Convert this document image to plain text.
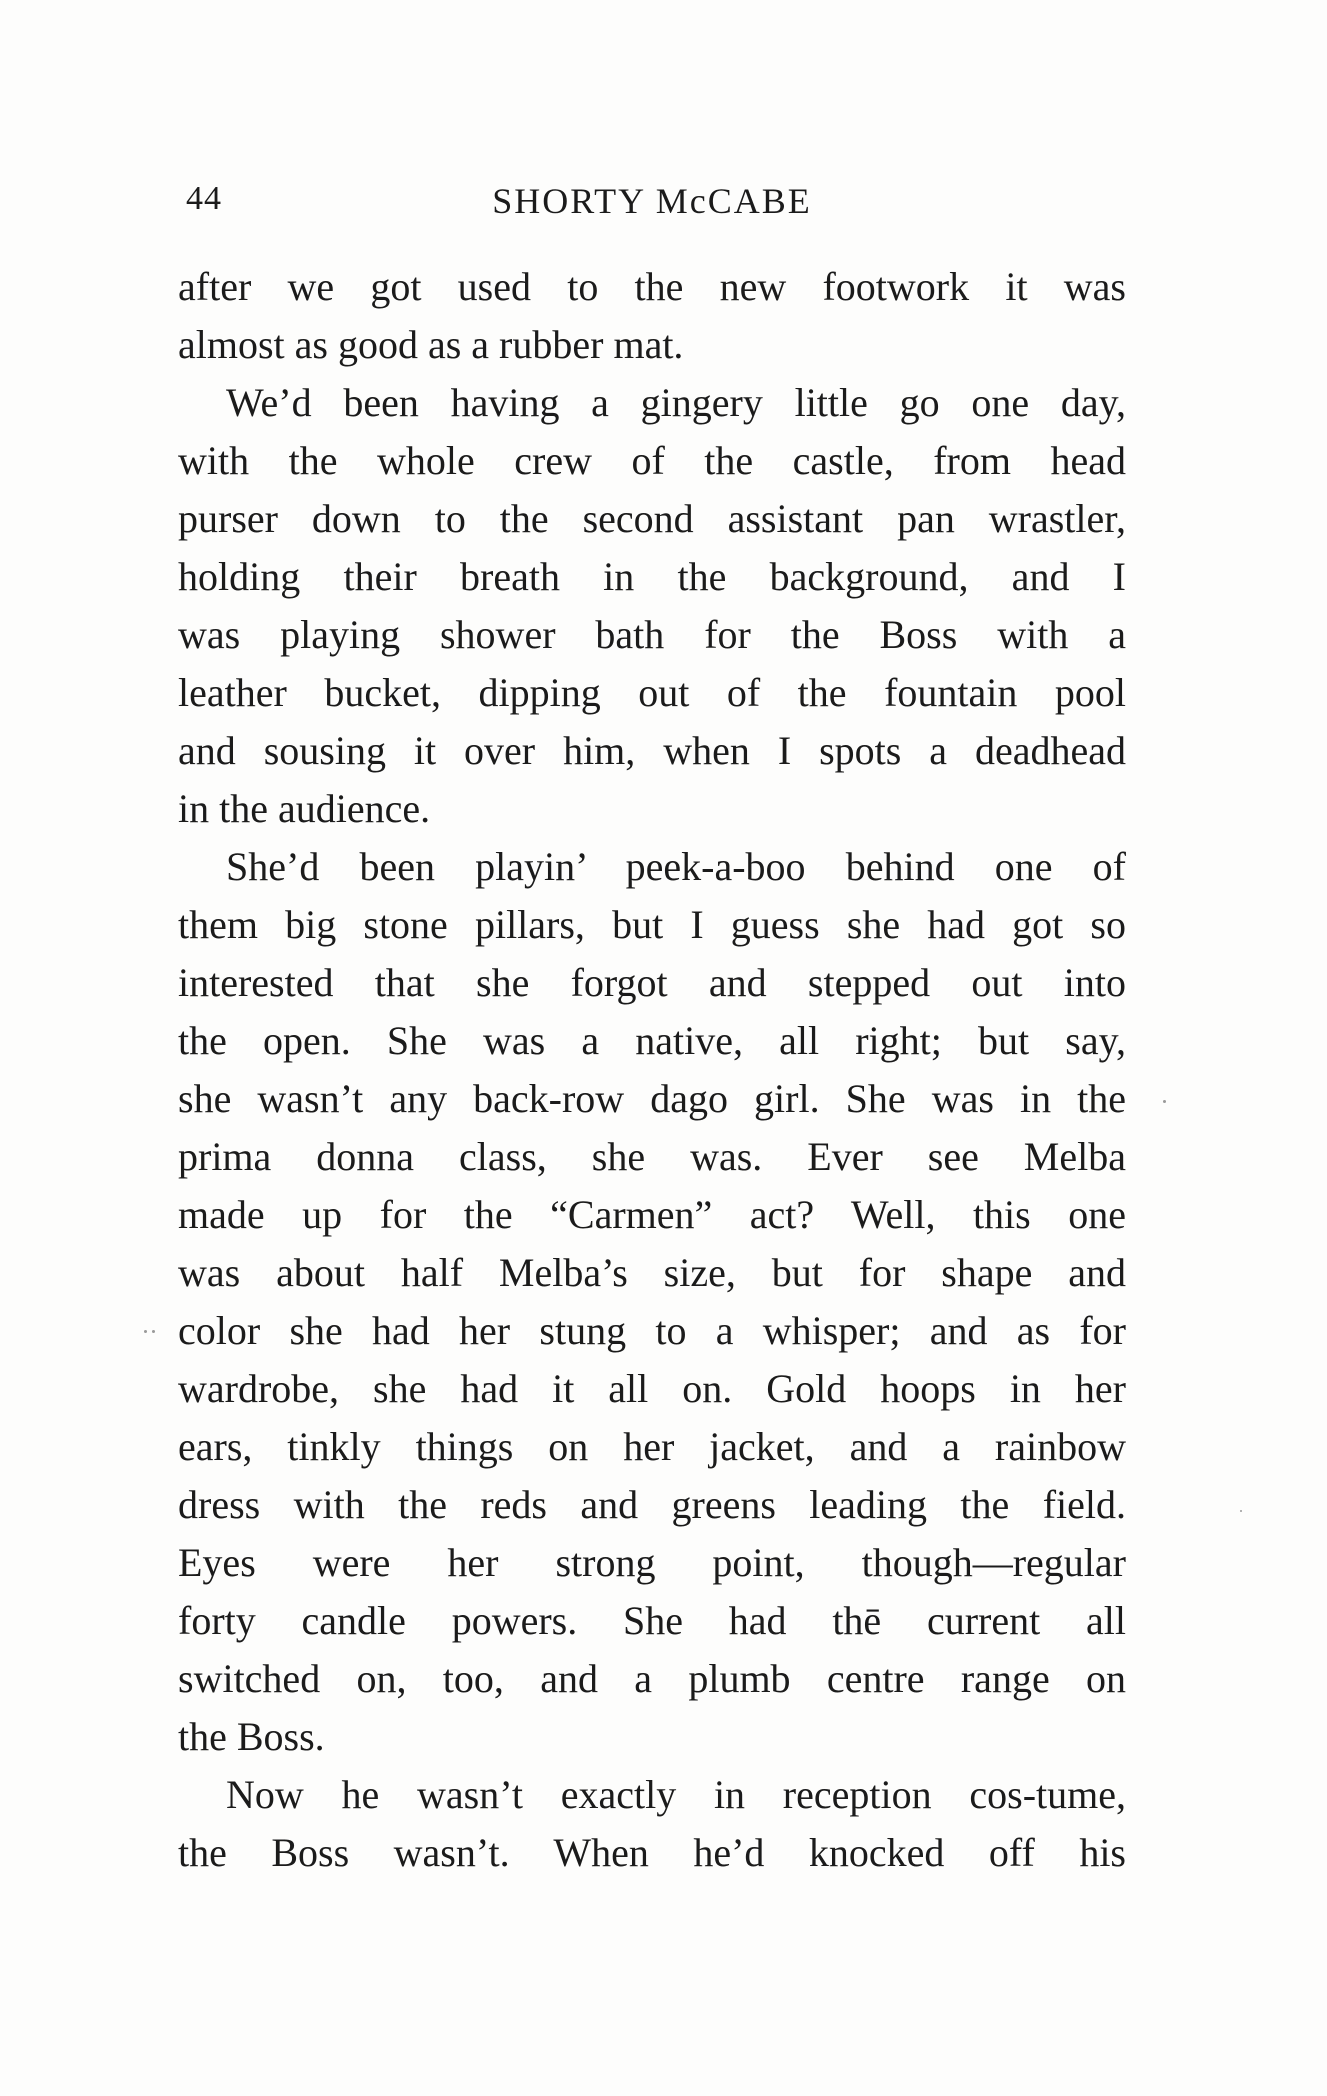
44	SHORTY McCABE
after we got used to the new footwork it was
almost as good as a rubber mat.
We’d been having a gingery little go one day,
with the whole crew of the castle, from head
purser down to the second assistant pan wrastler,
holding their breath in the background, and I
was playing shower bath for the Boss with a
leather bucket, dipping out of the fountain pool
and sousing it over him, when I spots a deadhead
in the audience.
She’d been playin’ peek-a-boo behind one of
them big stone pillars, but I guess she had got so
interested that she forgot and stepped out into
the open. She was a native, all right; but say,
she wasn’t any back-row dago girl. She was in the
prima donna class, she was. Ever see Melba
made up for the “Carmen” act? Well, this one
was about half Melba’s size, but for shape and
color she had her stung to a whisper; and as for
wardrobe, she had it all on. Gold hoops in her
ears, tinkly things on her jacket, and a rainbow
dress with the reds and greens leading the field.
Eyes were her strong point, though—regular
forty candle powers. She had thē current all
switched on, too, and a plumb centre range on
the Boss.
Now he wasn’t exactly in reception cos-tume,
the Boss wasn’t. When he’d knocked off his
